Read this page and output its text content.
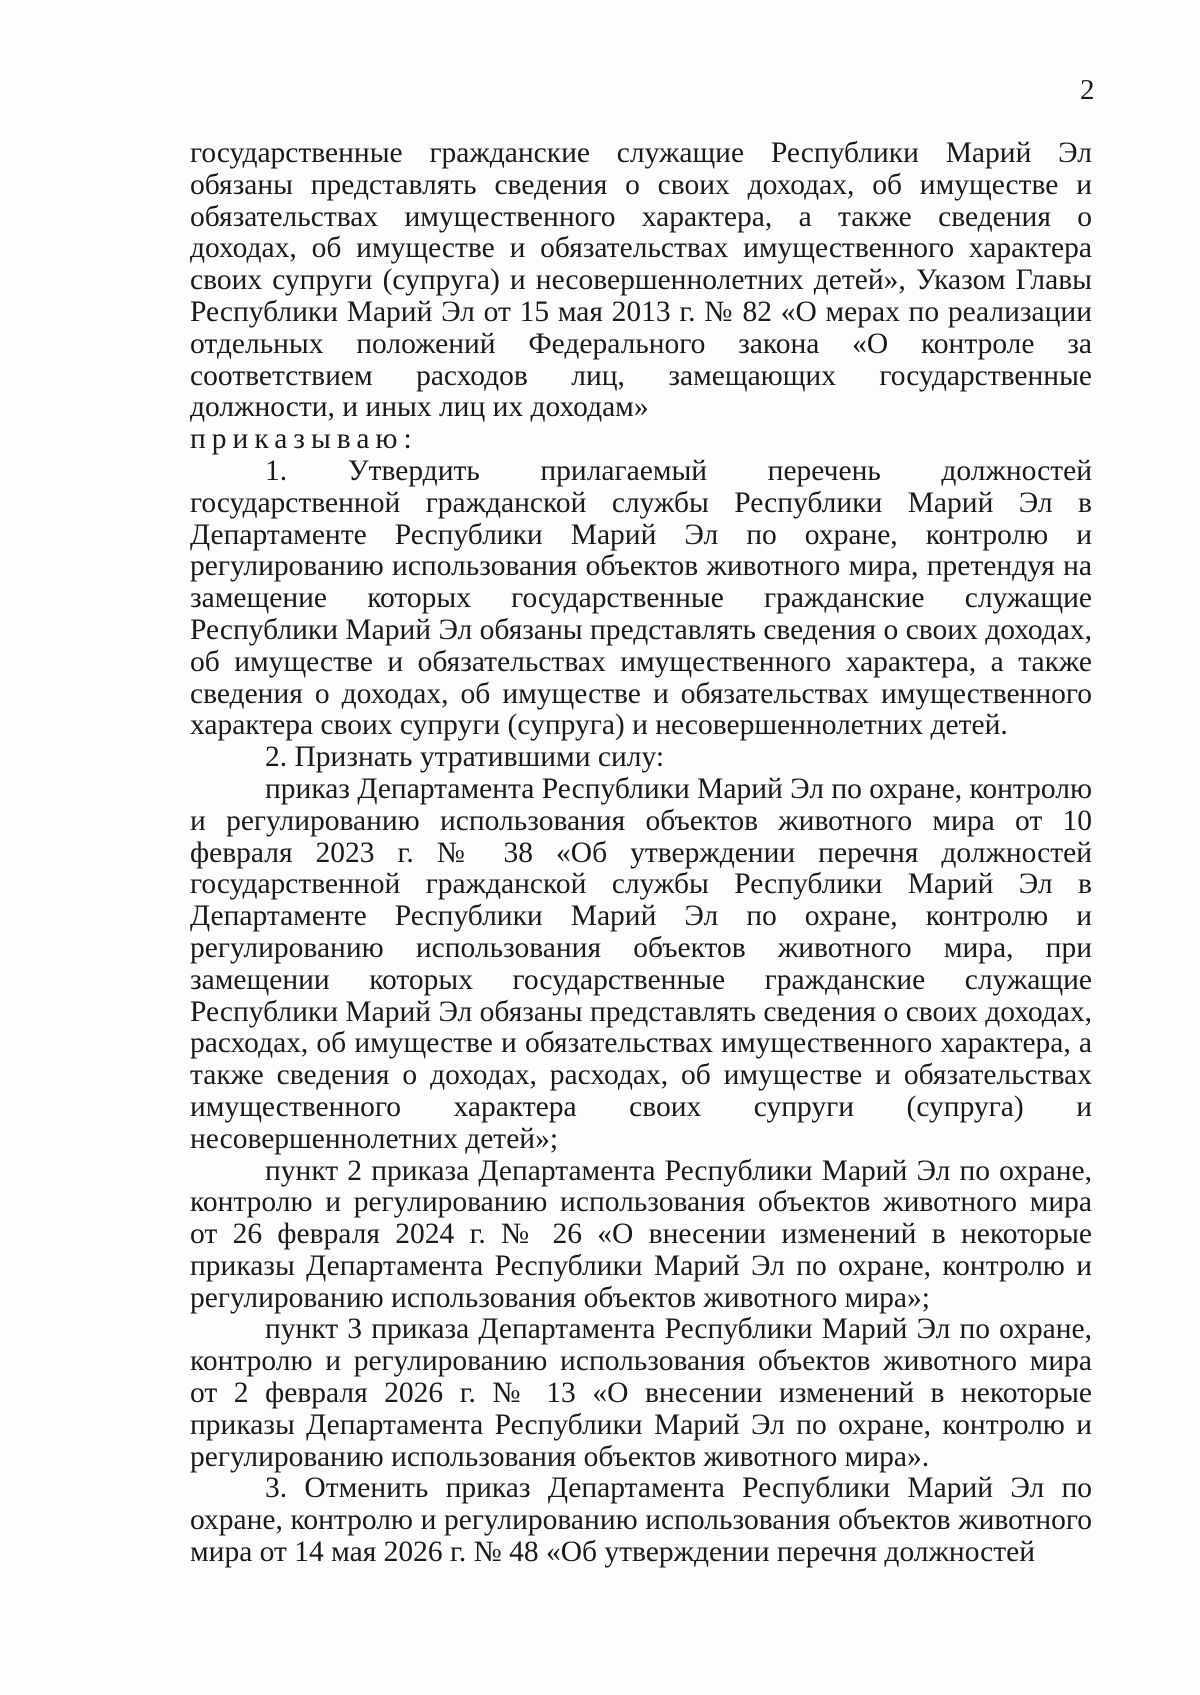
2

государственные гражданские служащие Республики Марий Эл обязаны представлять сведения о своих доходах, об имуществе и обязательствах имущественного характера, а также сведения о доходах, об имуществе и обязательствах имущественного характера своих супруги (супруга) и несовершеннолетних детей», Указом Главы Республики Марий Эл от 15 мая 2013 г. № 82 «О мерах по реализации отдельных положений Федерального закона «О контроле за соответствием расходов лиц, замещающих государственные должности, и иных лиц их доходам»

приказываю:

1. Утвердить прилагаемый перечень должностей государственной гражданской службы Республики Марий Эл в Департаменте Республики Марий Эл по охране, контролю и регулированию использования объектов животного мира, претендуя на замещение которых государственные гражданские служащие Республики Марий Эл обязаны представлять сведения о своих доходах, об имуществе и обязательствах имущественного характера, а также сведения о доходах, об имуществе и обязательствах имущественного характера своих супруги (супруга) и несовершеннолетних детей.

2. Признать утратившими силу:

приказ Департамента Республики Марий Эл по охране, контролю и регулированию использования объектов животного мира от 10 февраля 2023 г. № 38 «Об утверждении перечня должностей государственной гражданской службы Республики Марий Эл в Департаменте Республики Марий Эл по охране, контролю и регулированию использования объектов животного мира, при замещении которых государственные гражданские служащие Республики Марий Эл обязаны представлять сведения о своих доходах, расходах, об имуществе и обязательствах имущественного характера, а также сведения о доходах, расходах, об имуществе и обязательствах имущественного характера своих супруги (супруга) и несовершеннолетних детей»;

пункт 2 приказа Департамента Республики Марий Эл по охране, контролю и регулированию использования объектов животного мира от 26 февраля 2024 г. № 26 «О внесении изменений в некоторые приказы Департамента Республики Марий Эл по охране, контролю и регулированию использования объектов животного мира»;

пункт 3 приказа Департамента Республики Марий Эл по охране, контролю и регулированию использования объектов животного мира от 2 февраля 2026 г. № 13 «О внесении изменений в некоторые приказы Департамента Республики Марий Эл по охране, контролю и регулированию использования объектов животного мира».

3. Отменить приказ Департамента Республики Марий Эл по охране, контролю и регулированию использования объектов животного мира от 14 мая 2026 г. № 48 «Об утверждении перечня должностей
